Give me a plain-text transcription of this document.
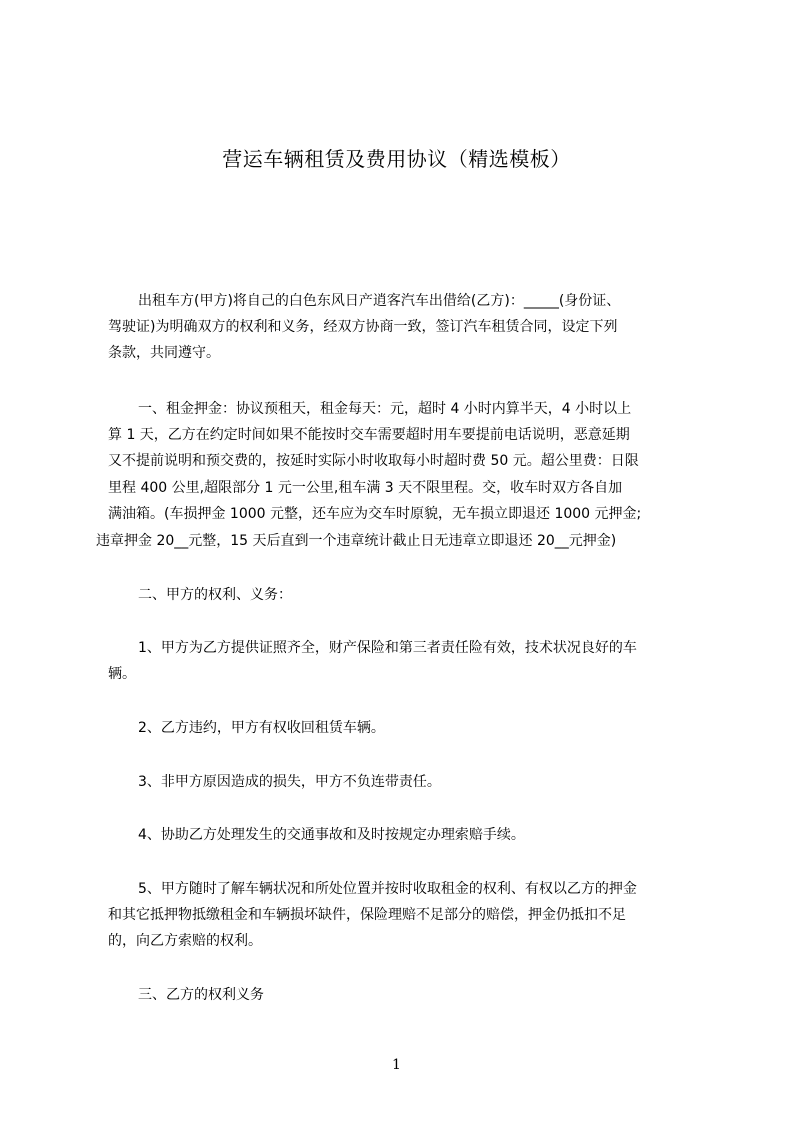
营运车辆租赁及费用协议（精选模板）
出租车方(甲方)将自己的白色东风日产逍客汽车出借给(乙方)：_____(身份证、
驾驶证)为明确双方的权利和义务，经双方协商一致，签订汽车租赁合同，设定下列
条款，共同遵守。
一、租金押金：协议预租天，租金每天：元，超时 4 小时内算半天，4 小时以上
算 1 天，乙方在约定时间如果不能按时交车需要超时用车要提前电话说明，恶意延期
又不提前说明和预交费的，按延时实际小时收取每小时超时费 50 元。超公里费：日限
里程 400 公里,超限部分 1 元一公里,租车满 3 天不限里程。交，收车时双方各自加
满油箱。(车损押金 1000 元整，还车应为交车时原貌，无车损立即退还 1000 元押金;
违章押金 20__元整，15 天后直到一个违章统计截止日无违章立即退还 20__元押金)
二、甲方的权利、义务：
1、甲方为乙方提供证照齐全，财产保险和第三者责任险有效，技术状况良好的车
辆。
2、乙方违约，甲方有权收回租赁车辆。
3、非甲方原因造成的损失，甲方不负连带责任。
4、协助乙方处理发生的交通事故和及时按规定办理索赔手续。
5、甲方随时了解车辆状况和所处位置并按时收取租金的权利、有权以乙方的押金
和其它抵押物抵缴租金和车辆损坏缺件，保险理赔不足部分的赔偿，押金仍抵扣不足
的，向乙方索赔的权利。
三、乙方的权利义务
1
